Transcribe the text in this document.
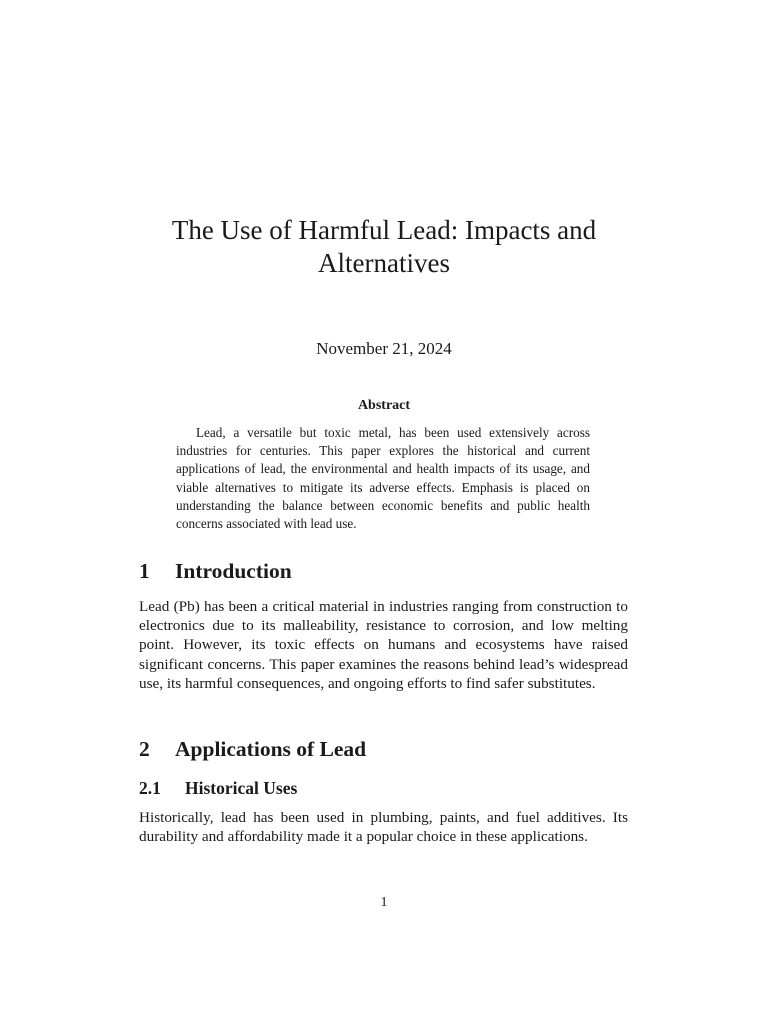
The Use of Harmful Lead: Impacts and Alternatives
November 21, 2024
Abstract

Lead, a versatile but toxic metal, has been used extensively across industries for centuries. This paper explores the historical and current applications of lead, the environmental and health impacts of its usage, and viable alternatives to mitigate its adverse effects. Emphasis is placed on understanding the balance between economic benefits and public health concerns associated with lead use.

1 Introduction

Lead (Pb) has been a critical material in industries ranging from construction to electronics due to its malleability, resistance to corrosion, and low melting point. However, its toxic effects on humans and ecosystems have raised significant concerns. This paper examines the reasons behind lead’s widespread use, its harmful consequences, and ongoing efforts to find safer substitutes.

2 Applications of Lead
2.1 Historical Uses

Historically, lead has been used in plumbing, paints, and fuel additives. Its durability and affordability made it a popular choice in these applications.

1
